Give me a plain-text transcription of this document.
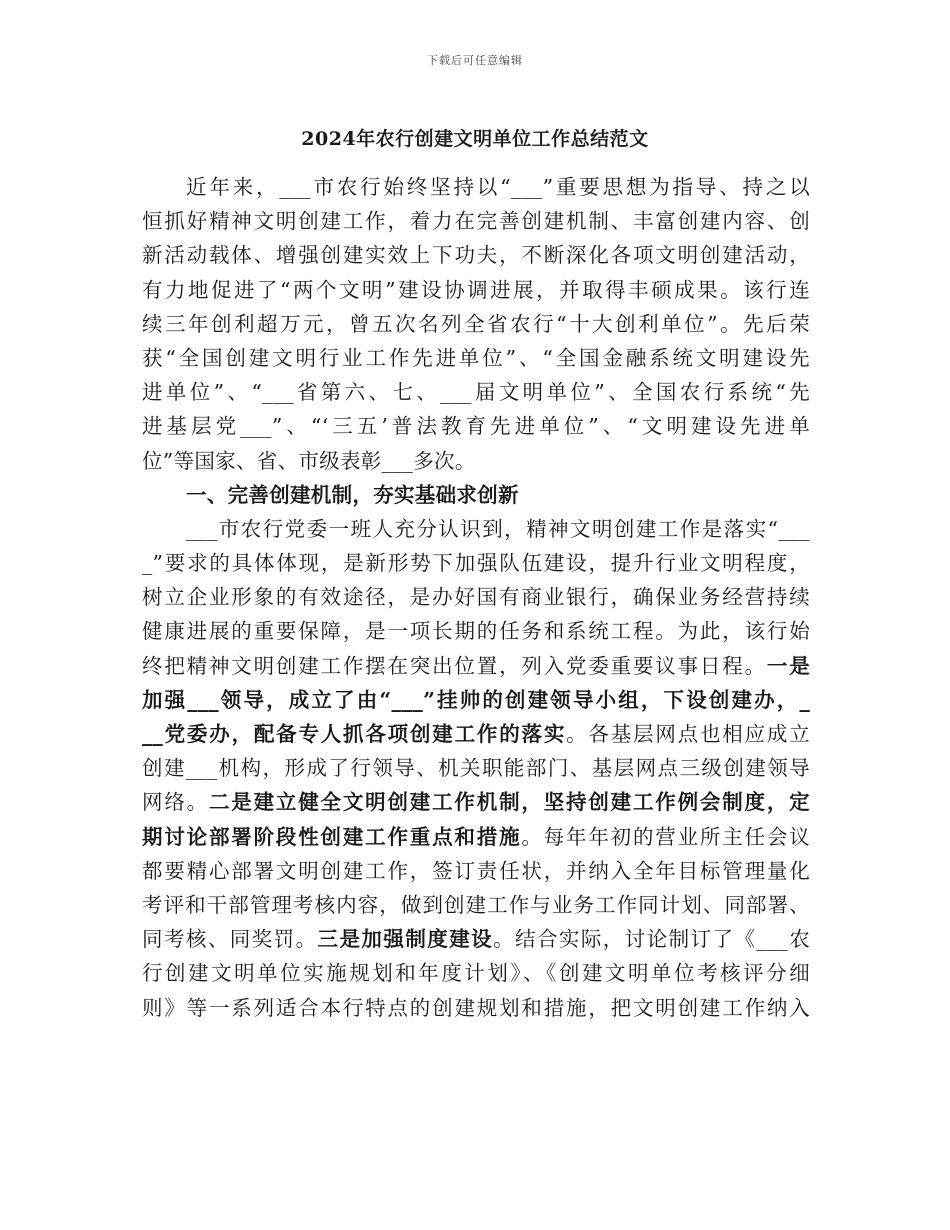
下载后可任意编辑
2024年农行创建文明单位工作总结范文
近年来，___市农行始终坚持以“___”重要思想为指导、持之以
恒抓好精神文明创建工作，着力在完善创建机制、丰富创建内容、创
新活动载体、增强创建实效上下功夫，不断深化各项文明创建活动，
有力地促进了“两个文明”建设协调进展，并取得丰硕成果。该行连
续三年创利超万元，曾五次名列全省农行“十大创利单位”。先后荣
获“全国创建文明行业工作先进单位”、“全国金融系统文明建设先
进单位”、“___省第六、七、___届文明单位”、全国农行系统“先
进基层党___”、“‘三五’普法教育先进单位”、“文明建设先进单
位”等国家、省、市级表彰___多次。
一、完善创建机制，夯实基础求创新
___市农行党委一班人充分认识到，精神文明创建工作是落实“___
_”要求的具体体现，是新形势下加强队伍建设，提升行业文明程度，
树立企业形象的有效途径，是办好国有商业银行，确保业务经营持续
健康进展的重要保障，是一项长期的任务和系统工程。为此，该行始
终把精神文明创建工作摆在突出位置，列入党委重要议事日程。一是
加强___领导，成立了由“___”挂帅的创建领导小组，下设创建办，_
__党委办，配备专人抓各项创建工作的落实。各基层网点也相应成立
创建___机构，形成了行领导、机关职能部门、基层网点三级创建领导
网络。二是建立健全文明创建工作机制，坚持创建工作例会制度，定
期讨论部署阶段性创建工作重点和措施。每年年初的营业所主任会议
都要精心部署文明创建工作，签订责任状，并纳入全年目标管理量化
考评和干部管理考核内容，做到创建工作与业务工作同计划、同部署、
同考核、同奖罚。三是加强制度建设。结合实际，讨论制订了《___农
行创建文明单位实施规划和年度计划》、《创建文明单位考核评分细
则》等一系列适合本行特点的创建规划和措施，把文明创建工作纳入
